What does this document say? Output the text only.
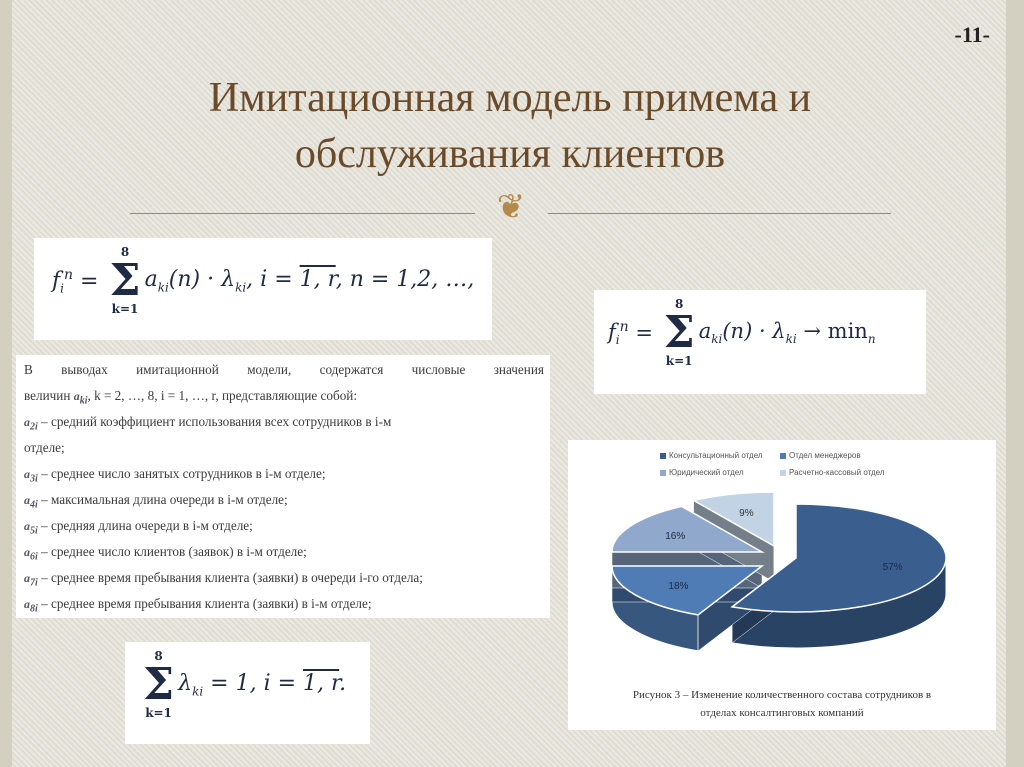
-11-
Имитационная модель примема и
обслуживания клиентов
❦
$f_i^n$ =
8
Σ
k=1
$a_{ki}(n) \cdot \lambda_{ki}$, i = 1, r, n = 1,2, …,
$f_i^n$ =
8
Σ
k=1
$a_{ki}(n) \cdot \lambda_{ki} \to \min_n$
В выводах имитационной модели, содержатся числовые значения
величин $a_{ki}$, k = 2, …, 8, i = 1, …, r, представляющие собой:
$a_{2i}$ – средний коэффициент использования всех сотрудников в i-м
отделе;
$a_{3i}$ – среднее число занятых сотрудников в i-м отделе;
$a_{4i}$ – максимальная длина очереди в i-м отделе;
$a_{5i}$ – средняя длина очереди в i-м отделе;
$a_{6i}$ – среднее число клиентов (заявок) в i-м отделе;
$a_{7i}$ – среднее время пребывания клиента (заявки) в очереди i-го отдела;
$a_{8i}$ – среднее время пребывания клиента (заявки) в i-м отделе;
8
Σ
k=1
$\lambda_{ki} = 1$, i = 1, r.
Консультационный отдел	Отдел менеджеров
Юридический отдел	Расчетно-кассовый отдел
57%
18%
16%
9%
Рисунок 3 – Изменение количественного состава сотрудников в
отделах консалтинговых компаний
